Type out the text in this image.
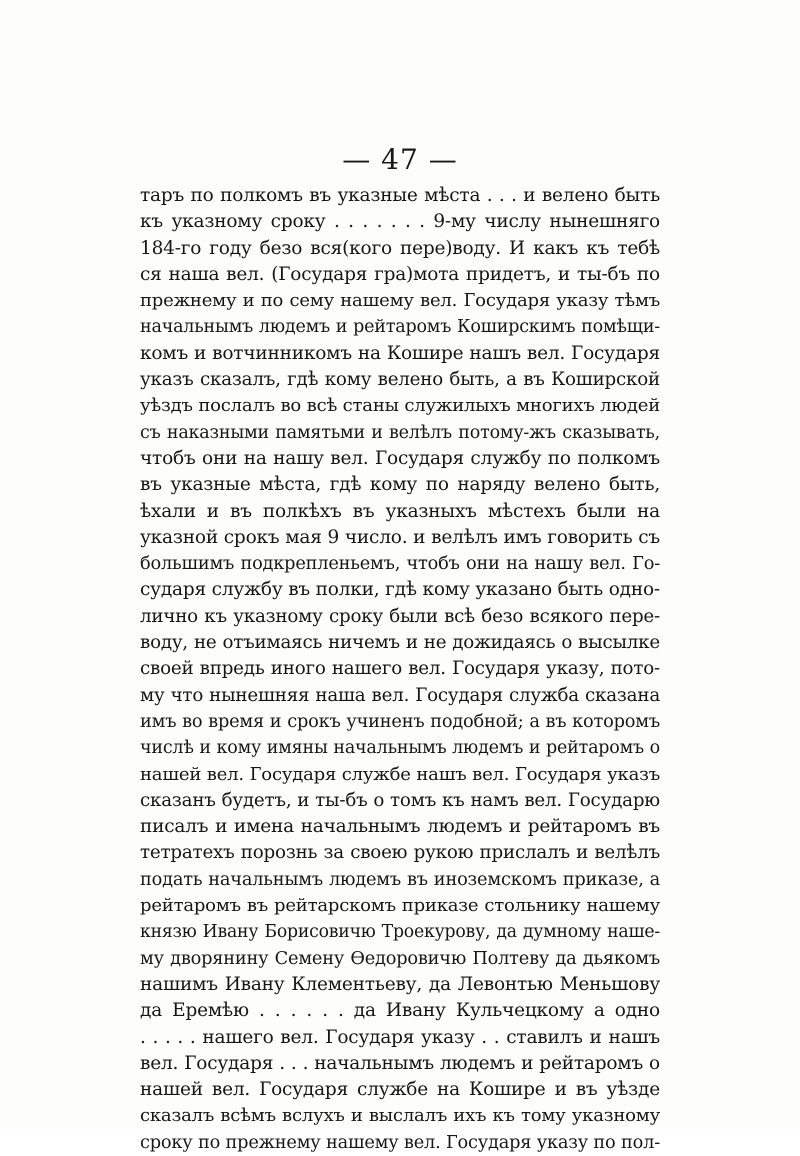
— 47 —
таръ по полкомъ въ указные мѣста . . . и велено быть
къ указному сроку . . . . . . . 9-му числу нынешняго
184-го году безо вся(кого пере)воду. И какъ къ тебѣ
ся наша вел. (Государя гра)мота придетъ, и ты-бъ по
прежнему и по сему нашему вел. Государя указу тѣмъ
начальнымъ людемъ и рейтаромъ Коширскимъ помѣщи-
комъ и вотчинникомъ на Кошире нашъ вел. Государя
указъ сказалъ, гдѣ кому велено быть, а въ Коширской
уѣздъ послалъ во всѣ станы служилыхъ многихъ людей
съ наказными памятьми и велѣлъ потому-жъ сказывать,
чтобъ они на нашу вел. Государя службу по полкомъ
въ указные мѣста, гдѣ кому по наряду велено быть,
ѣхали и въ полкѣхъ въ указныхъ мѣстехъ были на
указной срокъ мая 9 число. и велѣлъ имъ говорить съ
большимъ подкрепленьемъ, чтобъ они на нашу вел. Го-
сударя службу въ полки, гдѣ кому указано быть одно-
лично къ указному сроку были всѣ безо всякого пере-
воду, не отъимаясь ничемъ и не дожидаясь о высылке
своей впредь иного нашего вел. Государя указу, пото-
му что нынешняя наша вел. Государя служба сказана
имъ во время и срокъ учиненъ подобной; а въ которомъ
числѣ и кому имяны начальнымъ людемъ и рейтаромъ о
нашей вел. Государя службе нашъ вел. Государя указъ
сказанъ будетъ, и ты-бъ о томъ къ намъ вел. Государю
писалъ и имена начальнымъ людемъ и рейтаромъ въ
тетратехъ порознь за своею рукою прислалъ и велѣлъ
подать начальнымъ людемъ въ иноземскомъ приказе, а
рейтаромъ въ рейтарскомъ приказе стольнику нашему
князю Ивану Борисовичю Троекурову, да думному наше-
му дворянину Семену Өедоровичю Полтеву да дьякомъ
нашимъ Ивану Клементьеву, да Левонтью Меньшову
да Еремѣю . . . . . . да Ивану Кульчецкому а одно
. . . . . нашего вел. Государя указу . . ставилъ и нашъ
вел. Государя . . . начальнымъ людемъ и рейтаромъ о
нашей вел. Государя службе на Кошире и въ уѣзде
сказалъ всѣмъ вслухъ и выслалъ ихъ къ тому указному
сроку по прежнему нашему вел. Государя указу по пол-
